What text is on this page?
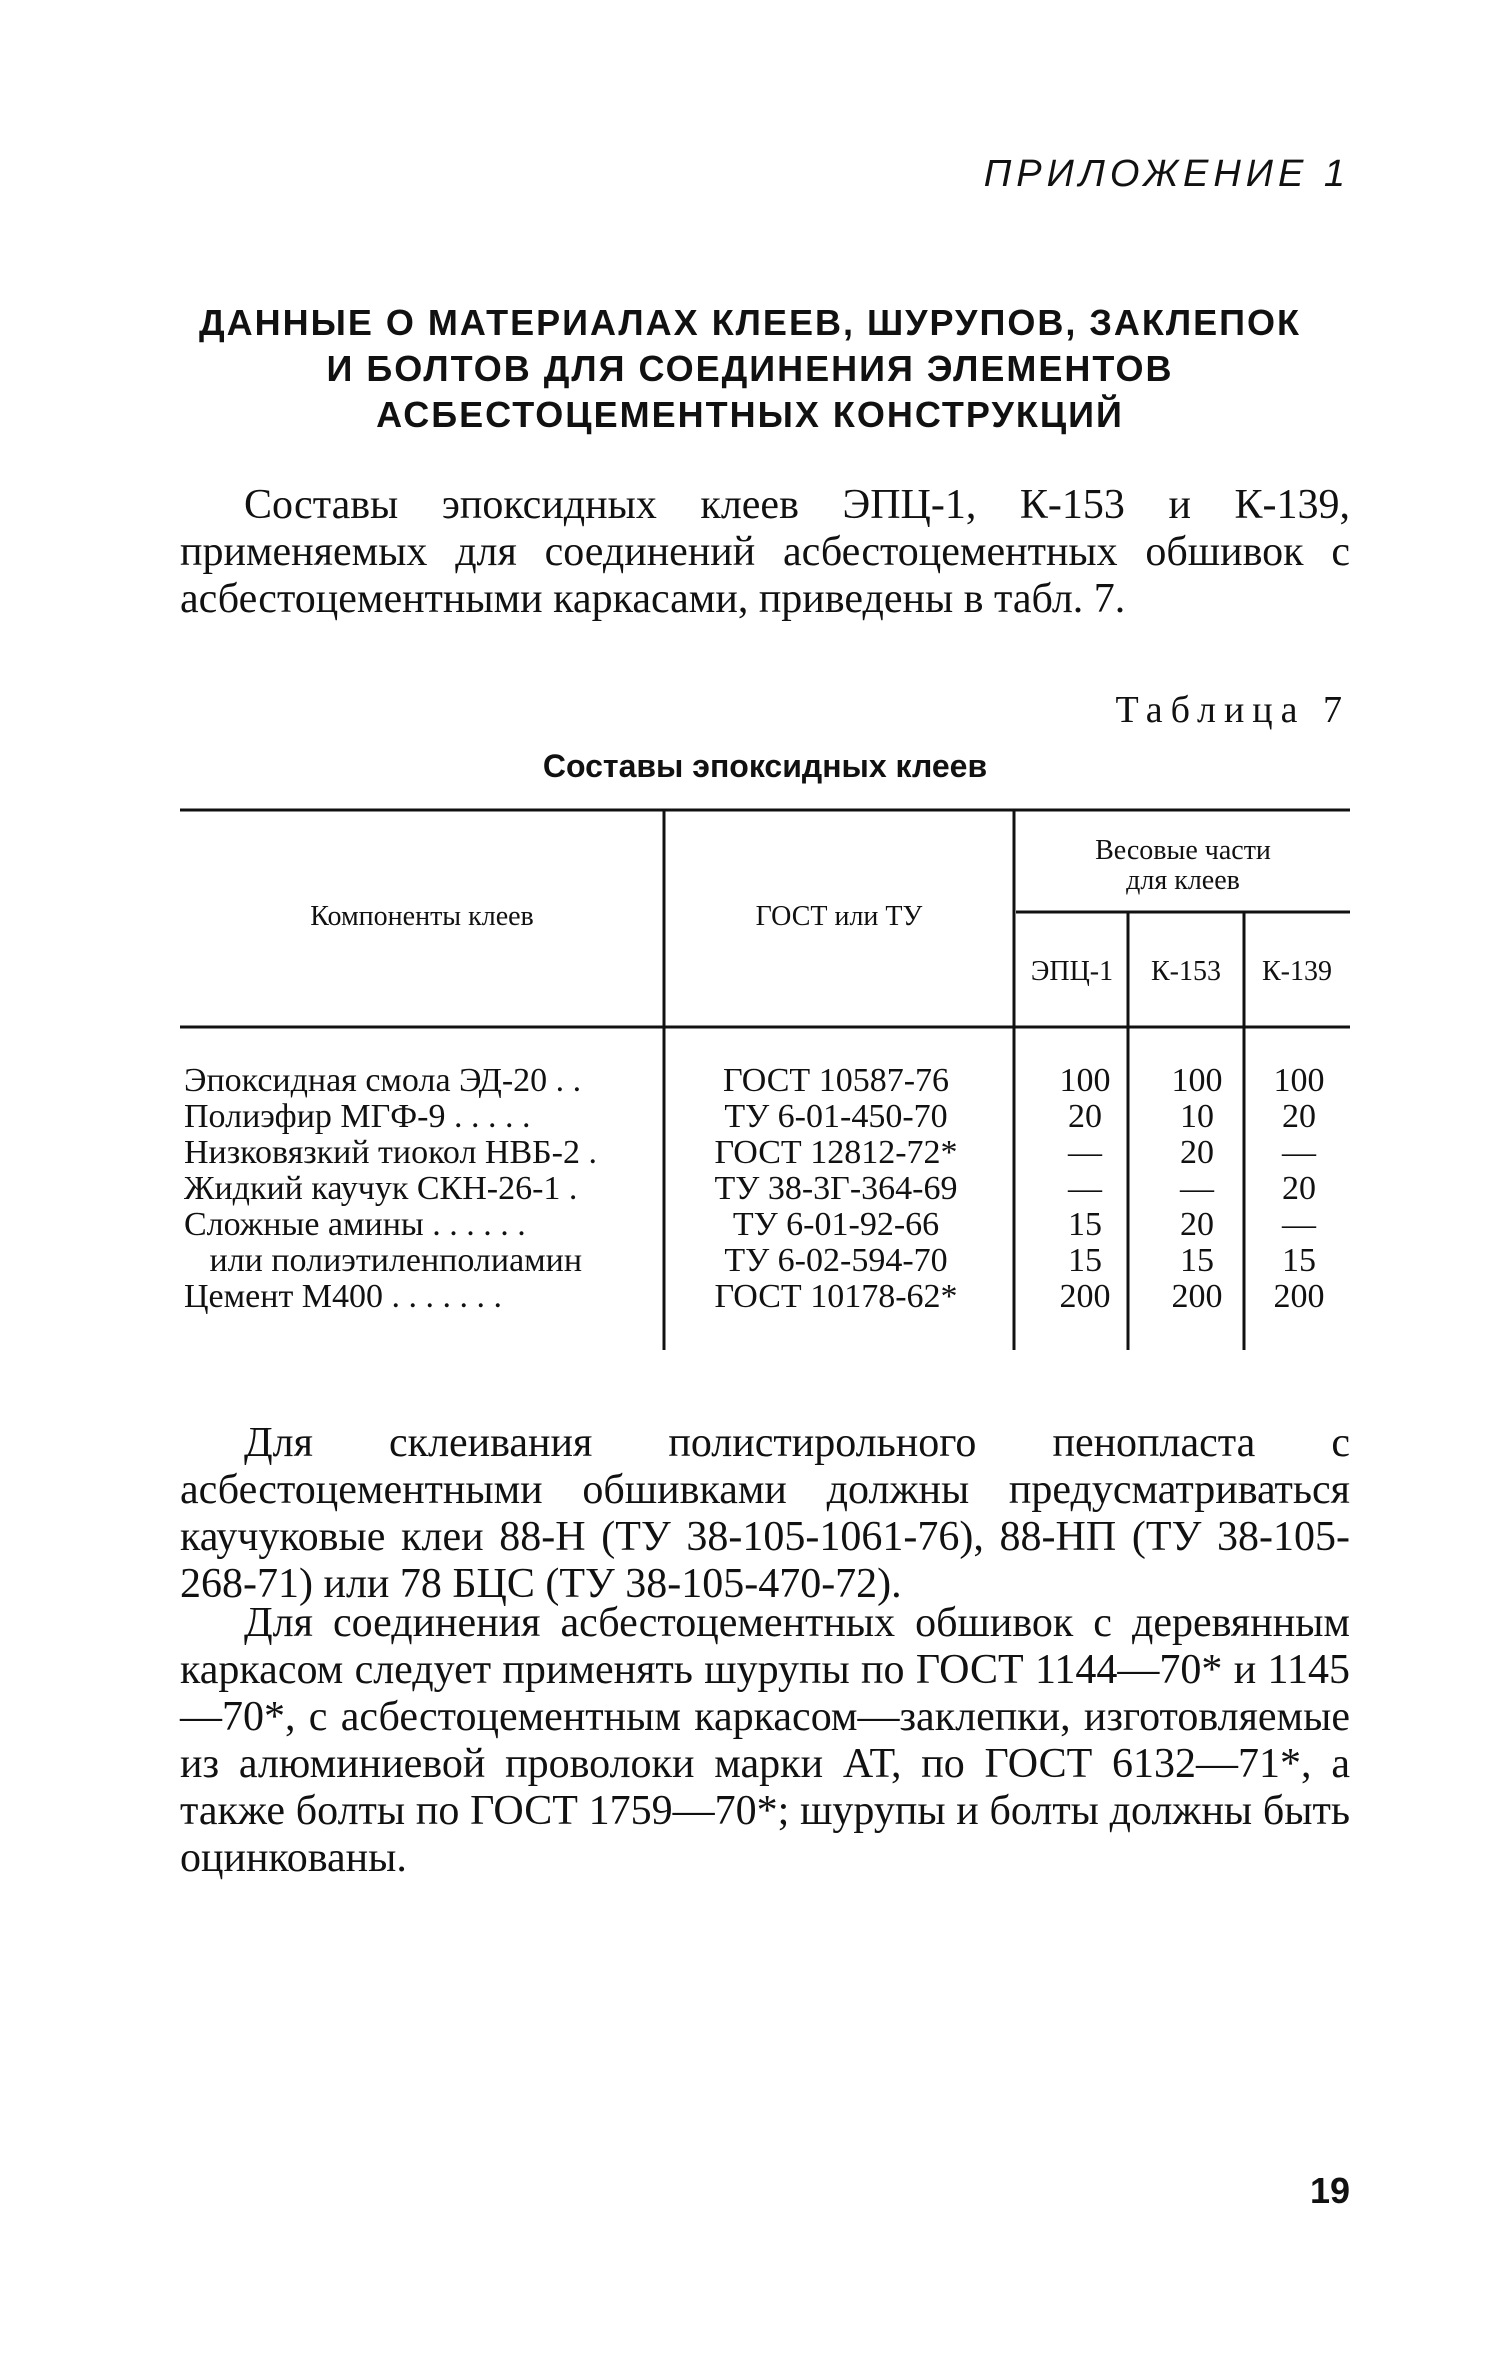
ПРИЛОЖЕНИЕ 1
ДАННЫЕ О МАТЕРИАЛАХ КЛЕЕВ, ШУРУПОВ, ЗАКЛЕПОК
И БОЛТОВ ДЛЯ СОЕДИНЕНИЯ ЭЛЕМЕНТОВ
АСБЕСТОЦЕМЕНТНЫХ КОНСТРУКЦИЙ
Составы эпоксидных клеев ЭПЦ-1, К-153 и К-139, применяемых для соединений асбестоцементных обшивок с асбестоцементными каркасами, приведены в табл. 7.
Таблица 7
Составы эпоксидных клеев
Компоненты клеев	ГОСТ или ТУ
Весовые части
для клеев
ЭПЦ-1	К-153	К-139
Эпоксидная смола ЭД-20 . .	ГОСТ 10587-76	100	100	100
Полиэфир МГФ-9 . . . . .	ТУ 6-01-450-70	20	10	20
Низковязкий тиокол НВБ-2 .	ГОСТ 12812-72*	—	20	—
Жидкий каучук СКН-26-1 .	ТУ 38-3Г-364-69	—	—	20
Сложные амины . . . . . .	ТУ 6-01-92-66	15	20	—
или полиэтиленполиамин	ТУ 6-02-594-70	15	15	15
Цемент М400 . . . . . . .	ГОСТ 10178-62*	200	200	200
Для склеивания полистирольного пенопласта с асбестоцементными обшивками должны предусматриваться каучуковые клеи 88-Н (ТУ 38-105-1061-76), 88-НП (ТУ 38-105-268-71) или 78 БЦС (ТУ 38-105-470-72).
Для соединения асбестоцементных обшивок с деревянным каркасом следует применять шурупы по ГОСТ 1144—70* и 1145—70*, с асбестоцементным каркасом—заклепки, изготовляемые из алюминиевой проволоки марки АТ, по ГОСТ 6132—71*, а также болты по ГОСТ 1759—70*; шурупы и болты должны быть оцинкованы.
19
